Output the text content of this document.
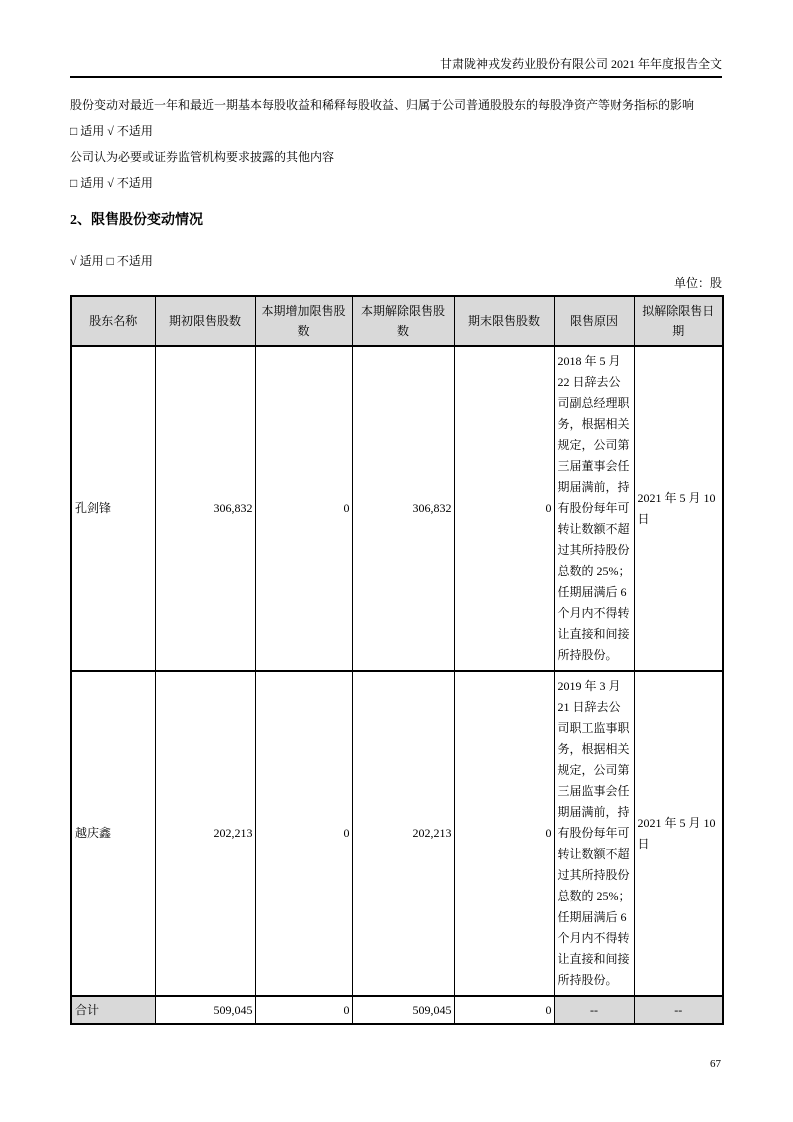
甘肃陇神戎发药业股份有限公司 2021 年年度报告全文

股份变动对最近一年和最近一期基本每股收益和稀释每股收益、归属于公司普通股股东的每股净资产等财务指标的影响

□ 适用 √ 不适用

公司认为必要或证券监管机构要求披露的其他内容

□ 适用 √ 不适用

2、限售股份变动情况

√ 适用 □ 不适用

单位：股
股东名称	期初限售股数	本期增加限售股数	本期解除限售股数	期末限售股数	限售原因	拟解除限售日期
孔剑锋	306,832	0	306,832	0	2018 年 5 月 22 日辞去公司副总经理职务，根据相关规定，公司第三届董事会任期届满前，持有股份每年可转让数额不超过其所持股份总数的 25%；任期届满后 6 个月内不得转让直接和间接所持股份。	2021 年 5 月 10 日
越庆鑫	202,213	0	202,213	0	2019 年 3 月 21 日辞去公司职工监事职务，根据相关规定，公司第三届监事会任期届满前，持有股份每年可转让数额不超过其所持股份总数的 25%；任期届满后 6 个月内不得转让直接和间接所持股份。	2021 年 5 月 10 日
合计	509,045	0	509,045	0	--	--
67
